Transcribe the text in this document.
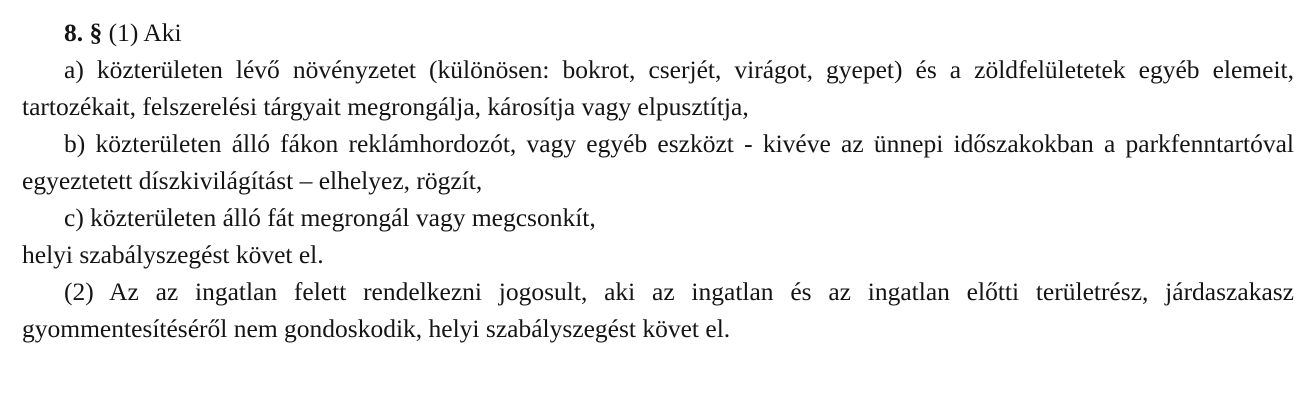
8. § (1) Aki

a) közterületen lévő növényzetet (különösen: bokrot, cserjét, virágot, gyepet) és a zöldfelületetek egyéb elemeit, tartozékait, felszerelési tárgyait megrongálja, károsítja vagy elpusztítja,

b) közterületen álló fákon reklámhordozót, vagy egyéb eszközt - kivéve az ünnepi időszakokban a parkfenntartóval egyeztetett díszkivilágítást – elhelyez, rögzít,

c) közterületen álló fát megrongál vagy megcsonkít,

helyi szabályszegést követ el.

(2) Az az ingatlan felett rendelkezni jogosult, aki az ingatlan és az ingatlan előtti területrész, járdaszakasz gyommentesítéséről nem gondoskodik, helyi szabályszegést követ el.
